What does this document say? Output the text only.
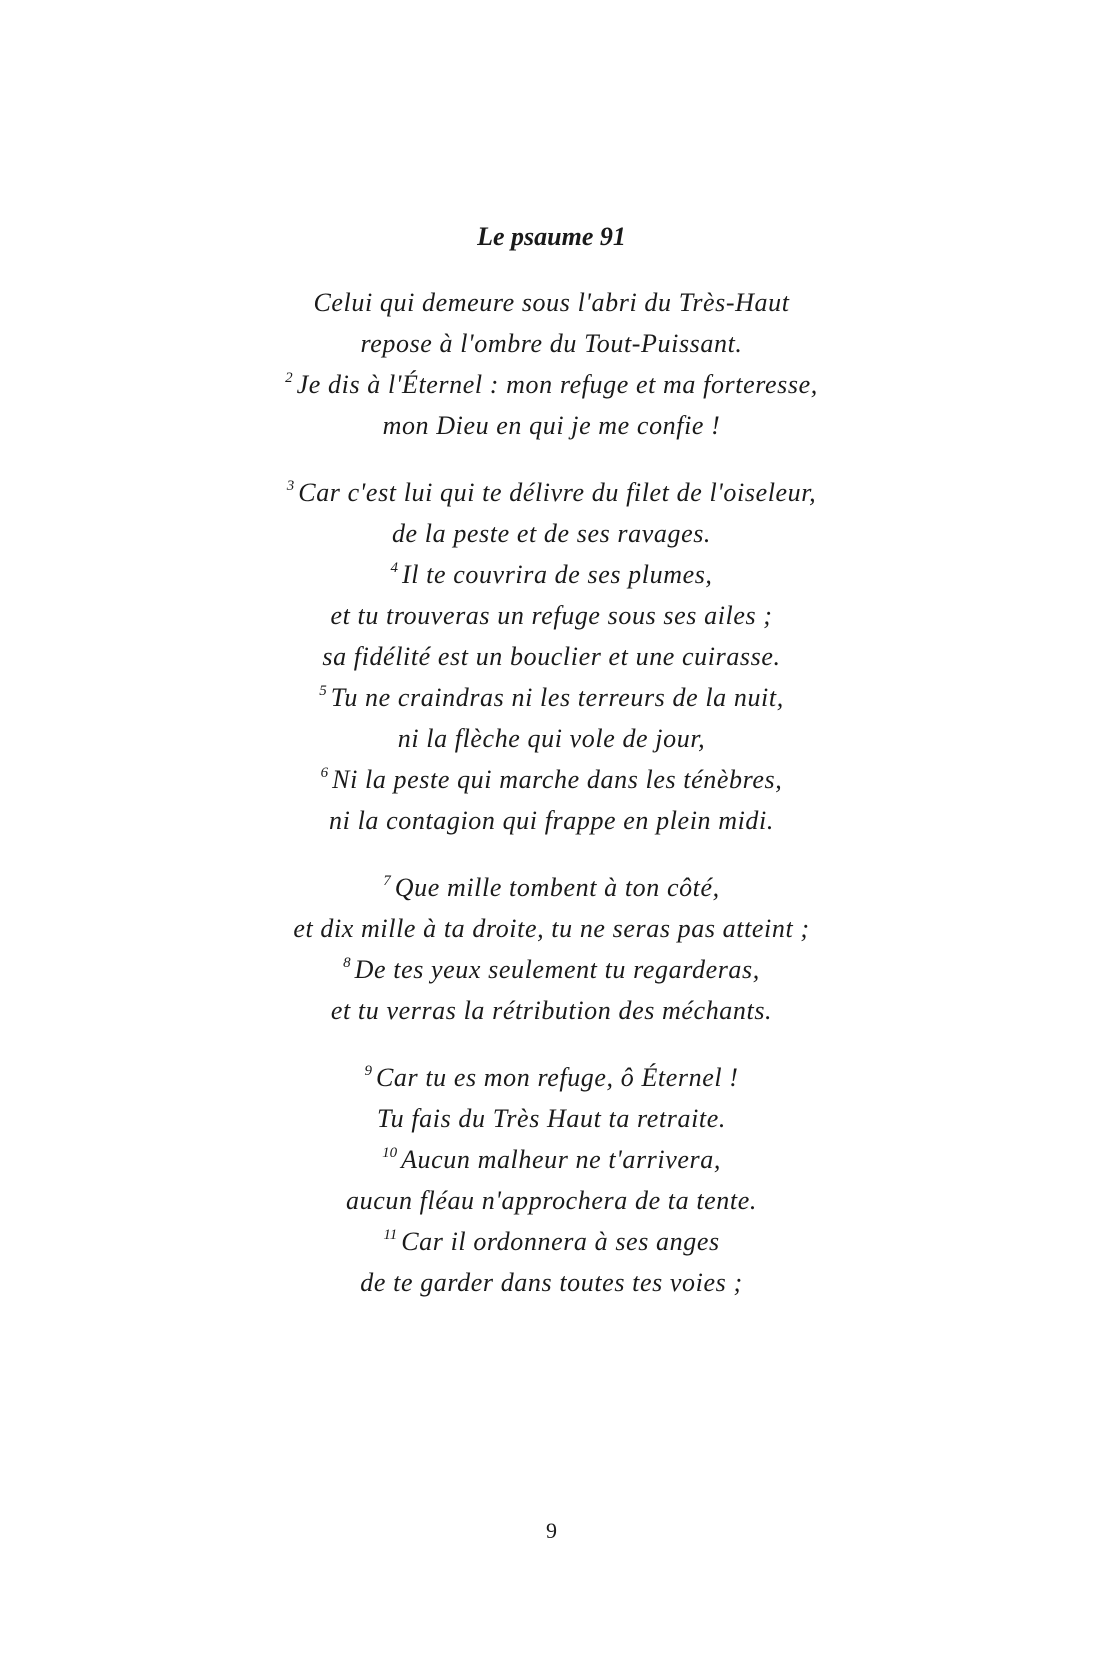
Le psaume 91
Celui qui demeure sous l'abri du Très-Haut
repose à l'ombre du Tout-Puissant.
$^2$ Je dis à l'Éternel : mon refuge et ma forteresse,
mon Dieu en qui je me confie !
$^3$ Car c'est lui qui te délivre du filet de l'oiseleur,
de la peste et de ses ravages.
$^4$ Il te couvrira de ses plumes,
et tu trouveras un refuge sous ses ailes ;
sa fidélité est un bouclier et une cuirasse.
$^5$ Tu ne craindras ni les terreurs de la nuit,
ni la flèche qui vole de jour,
$^6$ Ni la peste qui marche dans les ténèbres,
ni la contagion qui frappe en plein midi.
$^7$ Que mille tombent à ton côté,
et dix mille à ta droite, tu ne seras pas atteint ;
$^8$ De tes yeux seulement tu regarderas,
et tu verras la rétribution des méchants.
$^9$ Car tu es mon refuge, ô Éternel !
Tu fais du Très Haut ta retraite.
$^{10}$ Aucun malheur ne t'arrivera,
aucun fléau n'approchera de ta tente.
$^{11}$ Car il ordonnera à ses anges
de te garder dans toutes tes voies ;
9
